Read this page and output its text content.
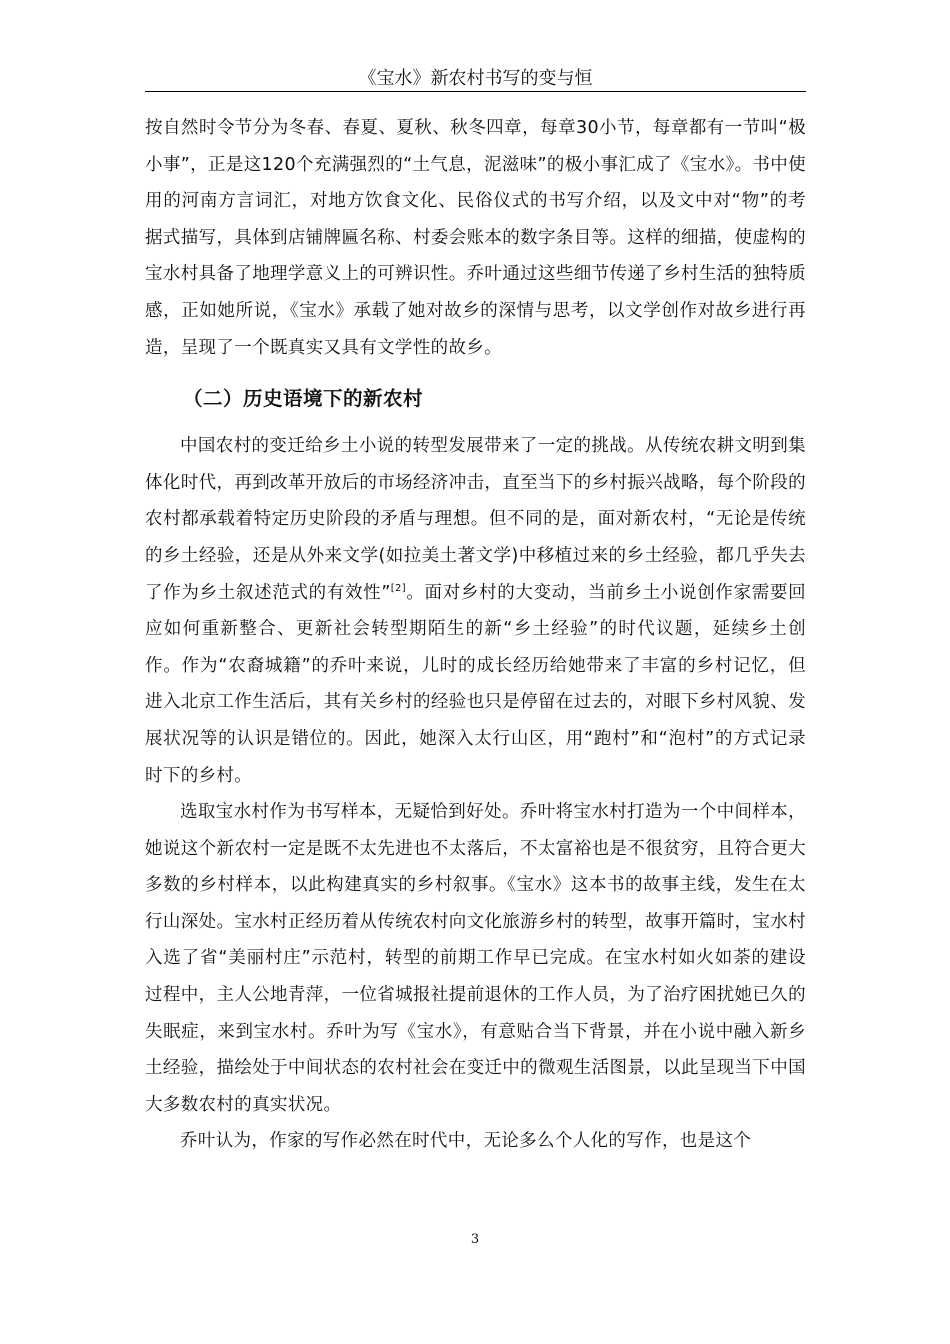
《宝水》新农村书写的变与恒

按自然时令节分为冬春、春夏、夏秋、秋冬四章，每章30小节，每章都有一节叫“极小事”，正是这120个充满强烈的“土气息，泥滋味”的极小事汇成了《宝水》。书中使用的河南方言词汇，对地方饮食文化、民俗仪式的书写介绍，以及文中对“物”的考据式描写，具体到店铺牌匾名称、村委会账本的数字条目等。这样的细描，使虚构的宝水村具备了地理学意义上的可辨识性。乔叶通过这些细节传递了乡村生活的独特质感，正如她所说，《宝水》承载了她对故乡的深情与思考，以文学创作对故乡进行再造，呈现了一个既真实又具有文学性的故乡。

（二）历史语境下的新农村

中国农村的变迁给乡土小说的转型发展带来了一定的挑战。从传统农耕文明到集体化时代，再到改革开放后的市场经济冲击，直至当下的乡村振兴战略，每个阶段的农村都承载着特定历史阶段的矛盾与理想。但不同的是，面对新农村，“无论是传统的乡土经验，还是从外来文学(如拉美土著文学)中移植过来的乡土经验，都几乎失去了作为乡土叙述范式的有效性”[2]。面对乡村的大变动，当前乡土小说创作家需要回应如何重新整合、更新社会转型期陌生的新“乡土经验”的时代议题，延续乡土创作。作为“农裔城籍”的乔叶来说，儿时的成长经历给她带来了丰富的乡村记忆，但进入北京工作生活后，其有关乡村的经验也只是停留在过去的，对眼下乡村风貌、发展状况等的认识是错位的。因此，她深入太行山区，用“跑村”和“泡村”的方式记录时下的乡村。

选取宝水村作为书写样本，无疑恰到好处。乔叶将宝水村打造为一个中间样本，她说这个新农村一定是既不太先进也不太落后，不太富裕也是不很贫穷，且符合更大多数的乡村样本，以此构建真实的乡村叙事。《宝水》这本书的故事主线，发生在太行山深处。宝水村正经历着从传统农村向文化旅游乡村的转型，故事开篇时，宝水村入选了省“美丽村庄”示范村，转型的前期工作早已完成。在宝水村如火如荼的建设过程中，主人公地青萍，一位省城报社提前退休的工作人员，为了治疗困扰她已久的失眠症，来到宝水村。乔叶为写《宝水》，有意贴合当下背景，并在小说中融入新乡土经验，描绘处于中间状态的农村社会在变迁中的微观生活图景，以此呈现当下中国大多数农村的真实状况。

乔叶认为，作家的写作必然在时代中，无论多么个人化的写作，也是这个

3
